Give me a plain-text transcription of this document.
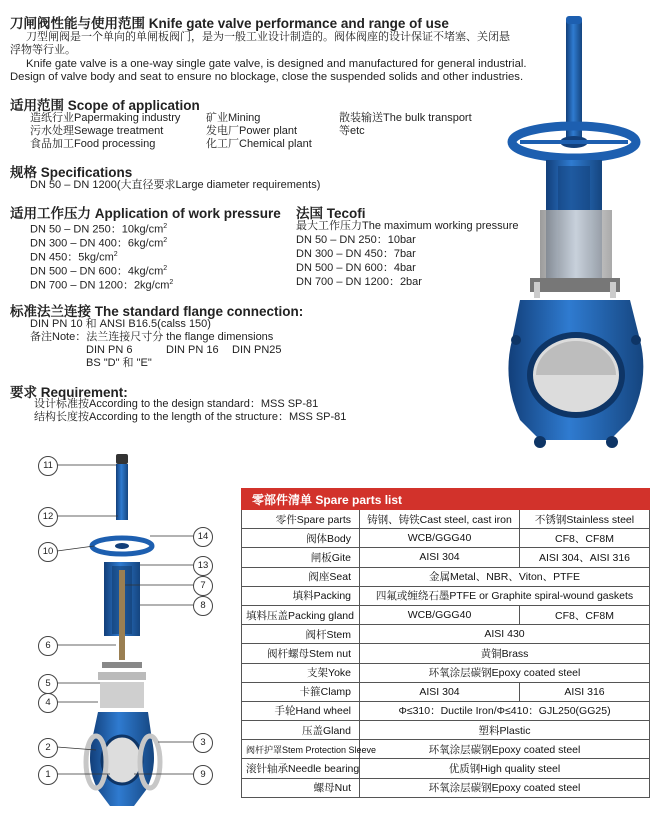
刀闸阀性能与使用范围 Knife gate valve performance and range of use
刀型闸阀是一个单向的单闸板阀门，是为一般工业设计制造的。阀体阀座的设计保证不堵塞、关闭悬
浮物等行业。
Knife gate valve is a one-way single gate valve, is designed and manufactured for general industrial.
Design of valve body and seat to ensure no blockage, close the suspended solids and other industries.
适用范围 Scope of application
造纸行业Papermaking industry 矿业Mining	散装输送The bulk transport
污水处理Sewage treatment	发电厂Power plant	等etc
食品加工Food processing	化工厂Chemical plant
规格 Specifications
DN 50 – DN 1200(大直径要求Large diameter requirements)
适用工作压力 Application of work pressure
DN 50 – DN 250：$10kg/cm^2$
DN 300 – DN 400：$6kg/cm^2$
DN 450：$5kg/cm^2$
DN 500 – DN 600：$4kg/cm^2$
DN 700 – DN 1200：$2kg/cm^2$
法国 Tecofi
最大工作压力The maximum working pressure
DN 50 – DN 250：10bar
DN 300 – DN 450：7bar
DN 500 – DN 600：4bar
DN 700 – DN 1200：2bar
标准法兰连接 The standard flange connection:
DIN PN 10 和 ANSI B16.5(calss 150)
备注Note：法兰连接尺寸分 the flange dimensions
DIN PN 6	DIN PN 16 DIN PN25
BS "D" 和 "E"
要求 Requirement:
设计标准按According to the design standard：MSS SP-81
结构长度按According to the length of the structure：MSS SP-81
11
12
10
6
5
4
2
1
14
13
7
8
3
9
零部件清单 Spare parts list		
零件Spare parts	铸钢、铸铁Cast steel, cast iron	不锈钢Stainless steel
阀体Body	WCB/GGG40	CF8、CF8M
闸板Gite	AISI 304	AISI 304、AISI 316
阀座Seat	金属Metal、NBR、Viton、PTFE	
填料Packing	四氟或缠绕石墨PTFE or Graphite spiral-wound gaskets	
填料压盖Packing gland	WCB/GGG40	CF8、CF8M
阀杆Stem	AISI 430	
阀杆螺母Stem nut	黄铜Brass	
支架Yoke	环氧涂层碳钢Epoxy coated steel	
卡箍Clamp	AISI 304	AISI 316
手轮Hand wheel	Φ≤310：Ductile Iron/Φ≤410：GJL250(GG25)	
压盖Gland	塑料Plastic	
阀杆护罩Stem Protection Sleeve	环氧涂层碳钢Epoxy coated steel	
滚针轴承Needle bearing	优质钢High quality steel	
螺母Nut	环氧涂层碳钢Epoxy coated steel	
